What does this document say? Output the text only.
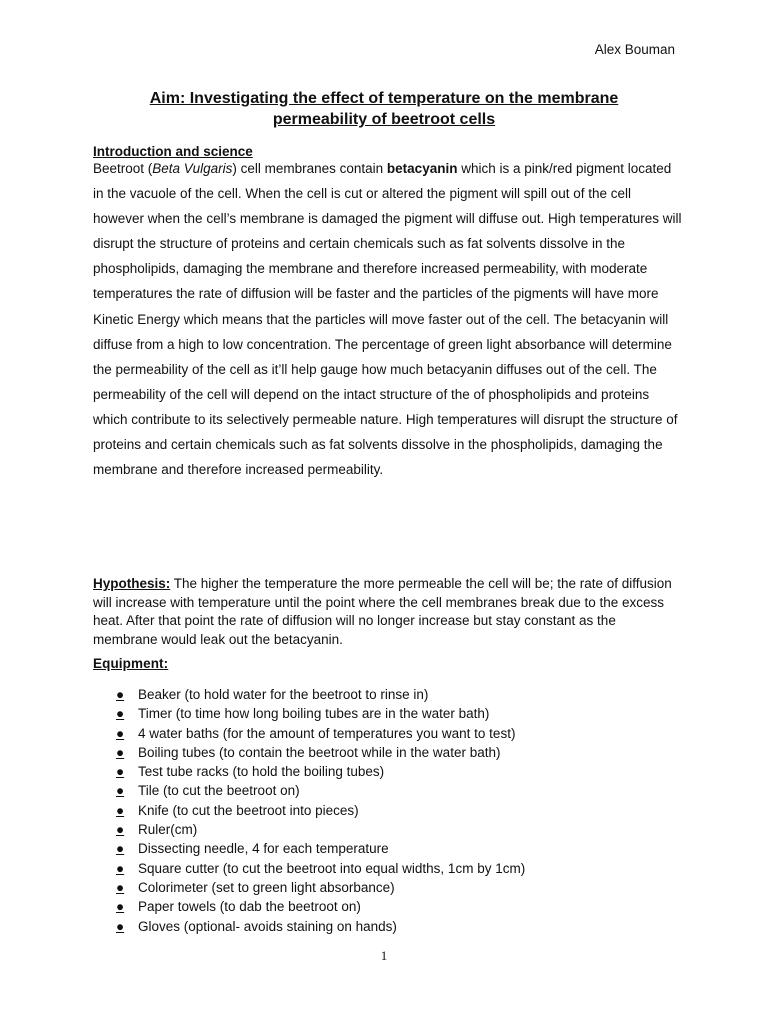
Alex Bouman
Aim: Investigating the effect of temperature on the membrane
permeability of beetroot cells
Introduction and science

Beetroot (Beta Vulgaris) cell membranes contain betacyanin which is a pink/red pigment located in the vacuole of the cell. When the cell is cut or altered the pigment will spill out of the cell however when the cell’s membrane is damaged the pigment will diffuse out. High temperatures will disrupt the structure of proteins and certain chemicals such as fat solvents dissolve in the phospholipids, damaging the membrane and therefore increased permeability, with moderate temperatures the rate of diffusion will be faster and the particles of the pigments will have more Kinetic Energy which means that the particles will move faster out of the cell. The betacyanin will diffuse from a high to low concentration. The percentage of green light absorbance will determine the permeability of the cell as it’ll help gauge how much betacyanin diffuses out of the cell. The permeability of the cell will depend on the intact structure of the of phospholipids and proteins which contribute to its selectively permeable nature. High temperatures will disrupt the structure of proteins and certain chemicals such as fat solvents dissolve in the phospholipids, damaging the membrane and therefore increased permeability.

Hypothesis: The higher the temperature the more permeable the cell will be; the rate of diffusion will increase with temperature until the point where the cell membranes break due to the excess heat. After that point the rate of diffusion will no longer increase but stay constant as the membrane would leak out the betacyanin.

Equipment:
● Beaker (to hold water for the beetroot to rinse in)
● Timer (to time how long boiling tubes are in the water bath)
● 4 water baths (for the amount of temperatures you want to test)
● Boiling tubes (to contain the beetroot while in the water bath)
● Test tube racks (to hold the boiling tubes)
● Tile (to cut the beetroot on)
● Knife (to cut the beetroot into pieces)
● Ruler(cm)
● Dissecting needle, 4 for each temperature
● Square cutter (to cut the beetroot into equal widths, 1cm by 1cm)
● Colorimeter (set to green light absorbance)
● Paper towels (to dab the beetroot on)
● Gloves (optional- avoids staining on hands)
1
